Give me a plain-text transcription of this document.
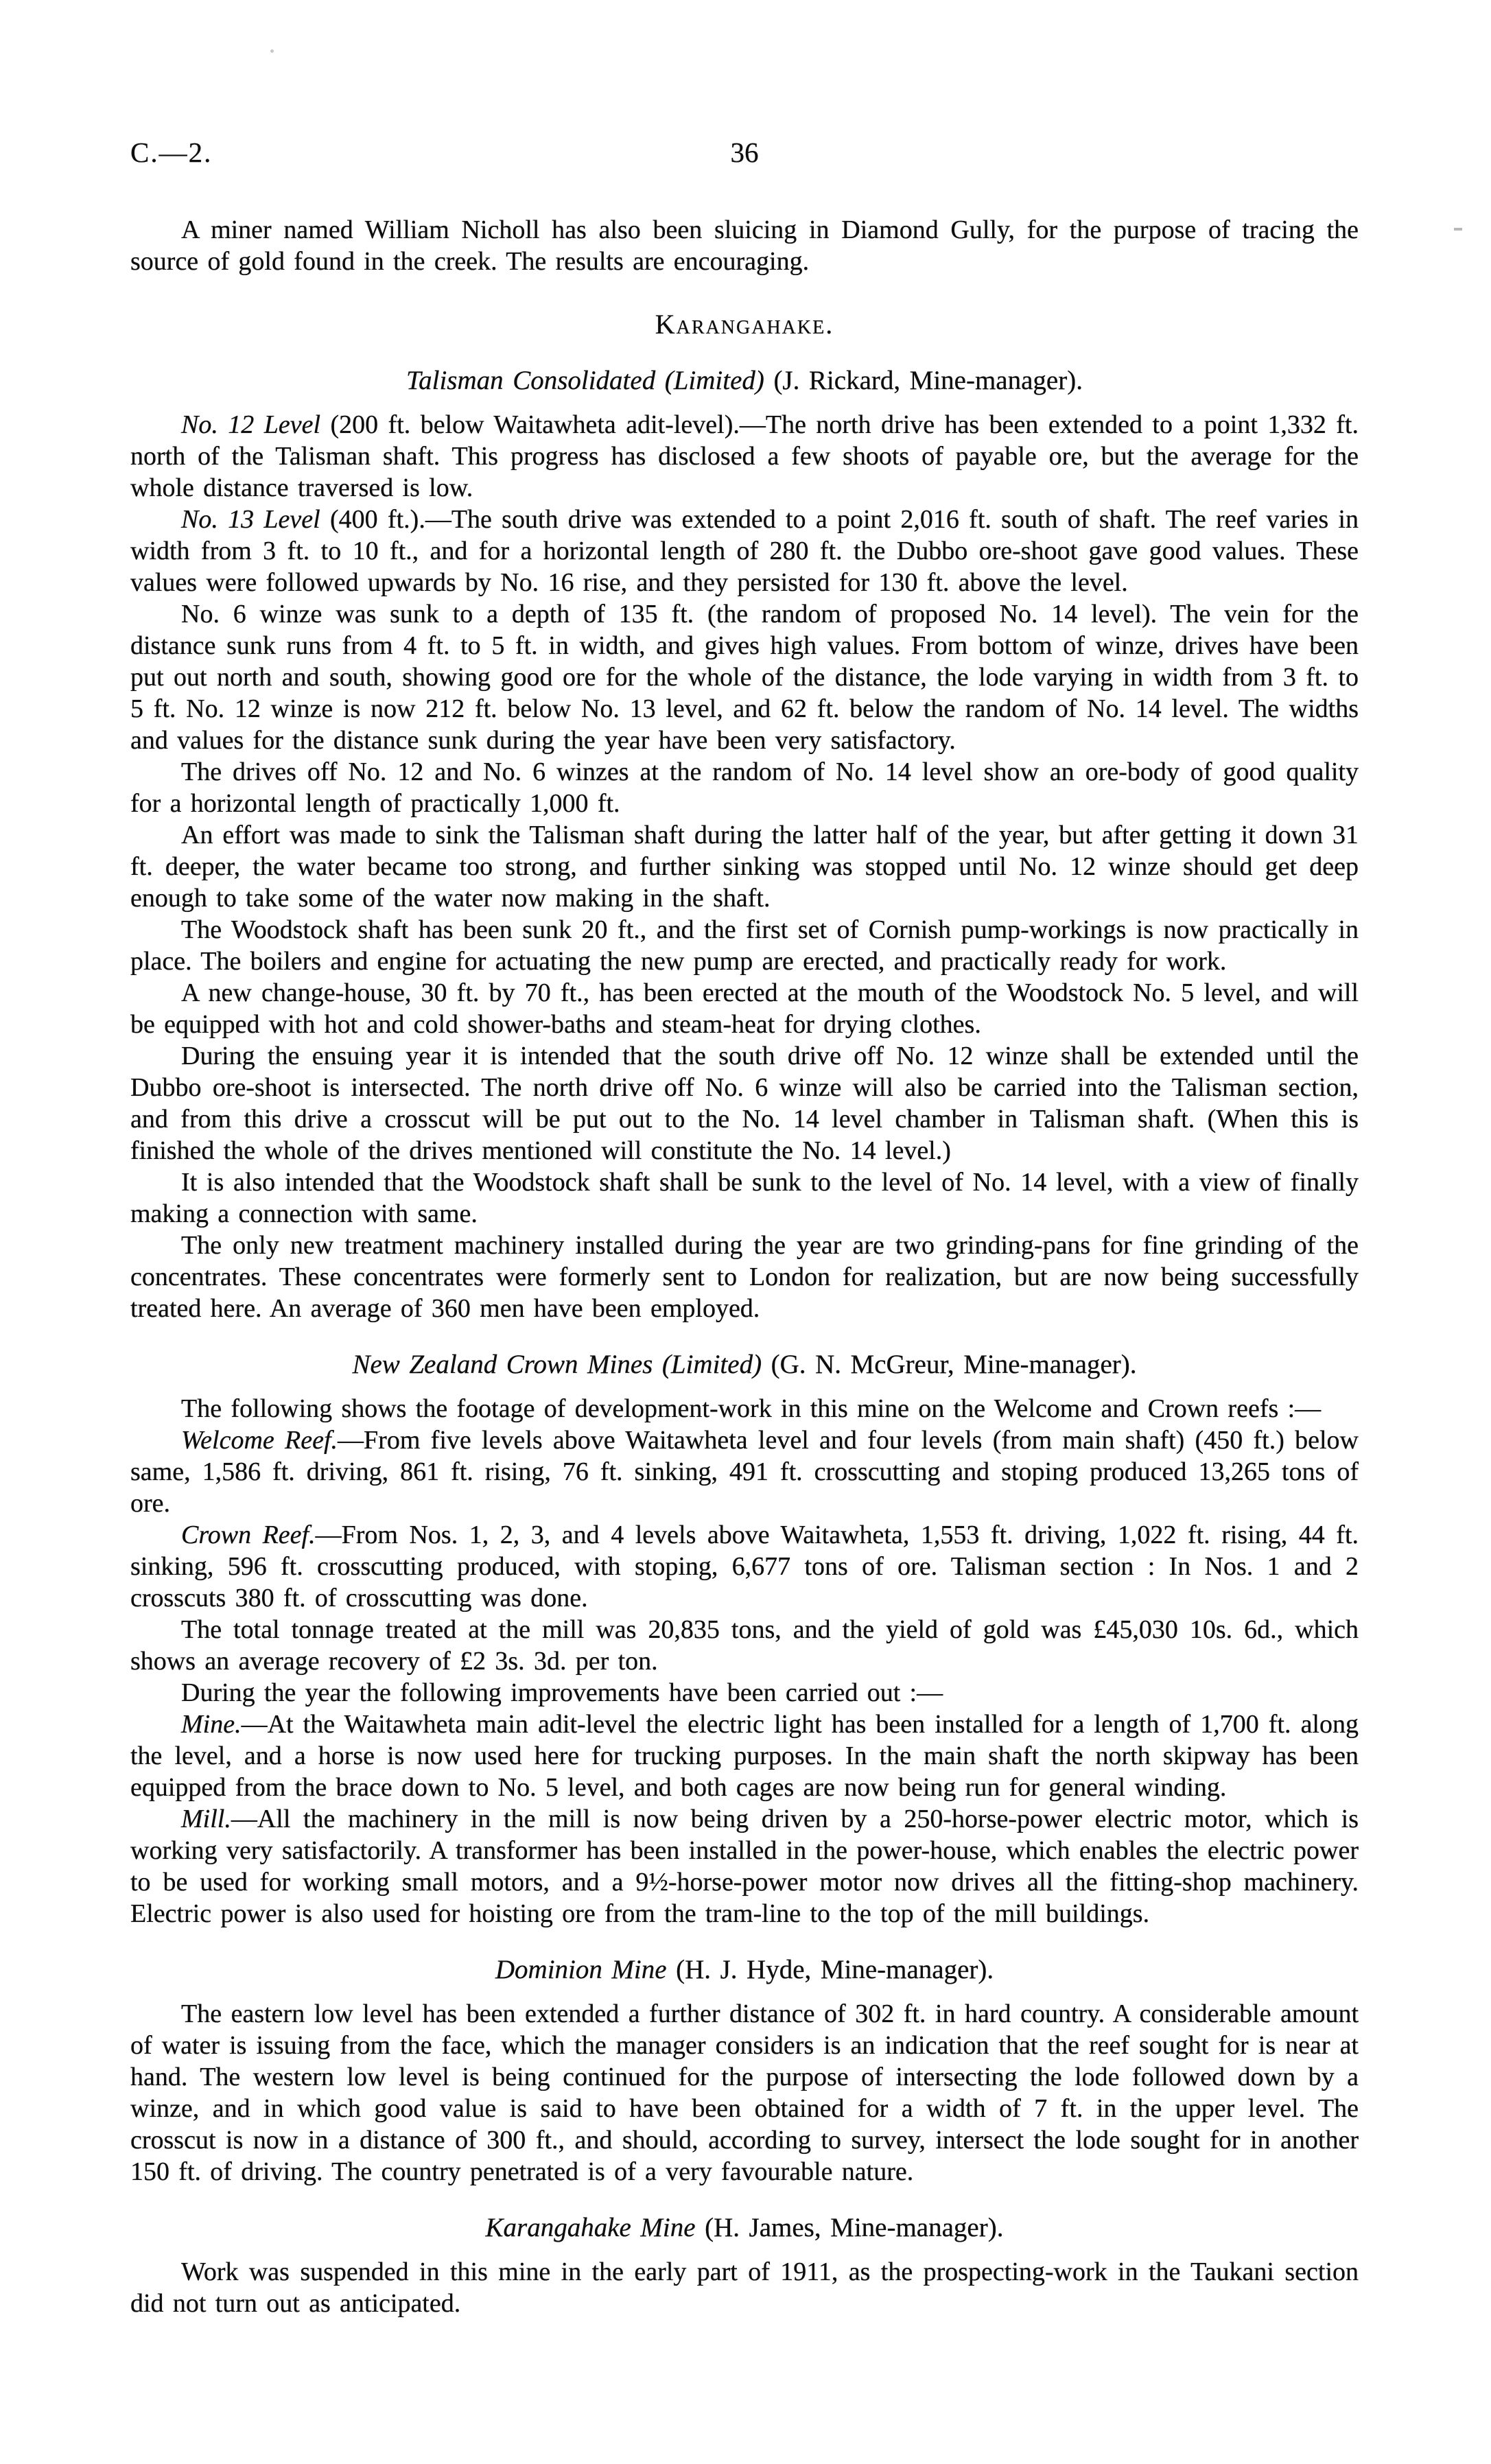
C.—2.	36

A miner named William Nicholl has also been sluicing in Diamond Gully, for the purpose of tracing the source of gold found in the creek. The results are encouraging.

Karangahake.
Talisman Consolidated (Limited) (J. Rickard, Mine-manager).

No. 12 Level (200 ft. below Waitawheta adit-level).—The north drive has been extended to a point 1,332 ft. north of the Talisman shaft. This progress has disclosed a few shoots of payable ore, but the average for the whole distance traversed is low.

No. 13 Level (400 ft.).—The south drive was extended to a point 2,016 ft. south of shaft. The reef varies in width from 3 ft. to 10 ft., and for a horizontal length of 280 ft. the Dubbo ore-shoot gave good values. These values were followed upwards by No. 16 rise, and they persisted for 130 ft. above the level.

No. 6 winze was sunk to a depth of 135 ft. (the random of proposed No. 14 level). The vein for the distance sunk runs from 4 ft. to 5 ft. in width, and gives high values. From bottom of winze, drives have been put out north and south, showing good ore for the whole of the distance, the lode varying in width from 3 ft. to 5 ft. No. 12 winze is now 212 ft. below No. 13 level, and 62 ft. below the random of No. 14 level. The widths and values for the distance sunk during the year have been very satisfactory.

The drives off No. 12 and No. 6 winzes at the random of No. 14 level show an ore-body of good quality for a horizontal length of practically 1,000 ft.

An effort was made to sink the Talisman shaft during the latter half of the year, but after getting it down 31 ft. deeper, the water became too strong, and further sinking was stopped until No. 12 winze should get deep enough to take some of the water now making in the shaft.

The Woodstock shaft has been sunk 20 ft., and the first set of Cornish pump-workings is now practically in place. The boilers and engine for actuating the new pump are erected, and practically ready for work.

A new change-house, 30 ft. by 70 ft., has been erected at the mouth of the Woodstock No. 5 level, and will be equipped with hot and cold shower-baths and steam-heat for drying clothes.

During the ensuing year it is intended that the south drive off No. 12 winze shall be extended until the Dubbo ore-shoot is intersected. The north drive off No. 6 winze will also be carried into the Talisman section, and from this drive a crosscut will be put out to the No. 14 level chamber in Talisman shaft. (When this is finished the whole of the drives mentioned will constitute the No. 14 level.)

It is also intended that the Woodstock shaft shall be sunk to the level of No. 14 level, with a view of finally making a connection with same.

The only new treatment machinery installed during the year are two grinding-pans for fine grinding of the concentrates. These concentrates were formerly sent to London for realization, but are now being successfully treated here. An average of 360 men have been employed.

New Zealand Crown Mines (Limited) (G. N. McGreur, Mine-manager).

The following shows the footage of development-work in this mine on the Welcome and Crown reefs :—

Welcome Reef.—From five levels above Waitawheta level and four levels (from main shaft) (450 ft.) below same, 1,586 ft. driving, 861 ft. rising, 76 ft. sinking, 491 ft. crosscutting and stoping produced 13,265 tons of ore.

Crown Reef.—From Nos. 1, 2, 3, and 4 levels above Waitawheta, 1,553 ft. driving, 1,022 ft. rising, 44 ft. sinking, 596 ft. crosscutting produced, with stoping, 6,677 tons of ore. Talisman section : In Nos. 1 and 2 crosscuts 380 ft. of crosscutting was done.

The total tonnage treated at the mill was 20,835 tons, and the yield of gold was £45,030 10s. 6d., which shows an average recovery of £2 3s. 3d. per ton.

During the year the following improvements have been carried out :—

Mine.—At the Waitawheta main adit-level the electric light has been installed for a length of 1,700 ft. along the level, and a horse is now used here for trucking purposes. In the main shaft the north skipway has been equipped from the brace down to No. 5 level, and both cages are now being run for general winding.

Mill.—All the machinery in the mill is now being driven by a 250-horse-power electric motor, which is working very satisfactorily. A transformer has been installed in the power-house, which enables the electric power to be used for working small motors, and a 9½-horse-power motor now drives all the fitting-shop machinery. Electric power is also used for hoisting ore from the tram-line to the top of the mill buildings.

Dominion Mine (H. J. Hyde, Mine-manager).

The eastern low level has been extended a further distance of 302 ft. in hard country. A considerable amount of water is issuing from the face, which the manager considers is an indication that the reef sought for is near at hand. The western low level is being continued for the purpose of intersecting the lode followed down by a winze, and in which good value is said to have been obtained for a width of 7 ft. in the upper level. The crosscut is now in a distance of 300 ft., and should, according to survey, intersect the lode sought for in another 150 ft. of driving. The country penetrated is of a very favourable nature.

Karangahake Mine (H. James, Mine-manager).

Work was suspended in this mine in the early part of 1911, as the prospecting-work in the Taukani section did not turn out as anticipated.
